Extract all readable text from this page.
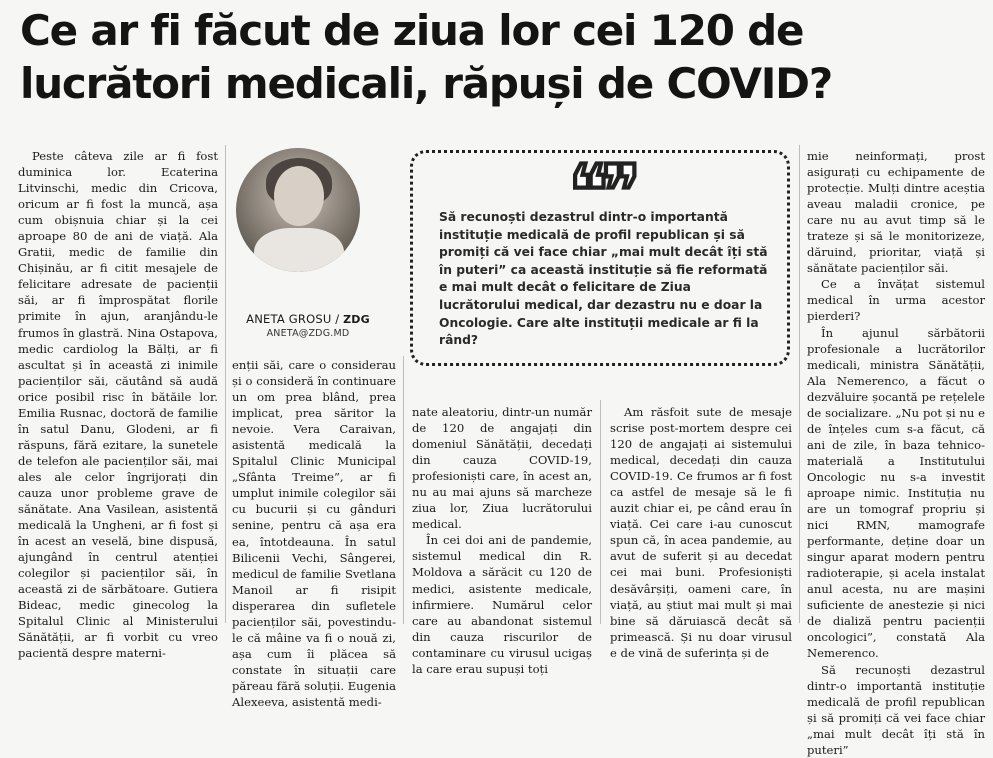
Ce ar fi făcut de ziua lor cei 120 de lucrători medicali, răpuși de COVID?

Peste câteva zile ar fi fost duminica lor. Ecaterina Litvinschi, medic din Cricova, oricum ar fi fost la muncă, așa cum obișnuia chiar și la cei aproape 80 de ani de viață. Ala Gratii, medic de familie din Chișinău, ar fi citit mesajele de felicitare adresate de pacienții săi, ar fi împrospătat florile primite în ajun, aranjându-le frumos în glastră. Nina Ostapova, medic cardiolog la Bălți, ar fi ascultat și în această zi inimile pacienților săi, căutând să audă orice posibil risc în bătăile lor. Emilia Rusnac, doctoră de familie în satul Danu, Glodeni, ar fi răspuns, fără ezitare, la sunetele de telefon ale pacienților săi, mai ales ale celor îngrijorați din cauza unor probleme grave de sănătate. Ana Vasilean, asistentă medicală la Ungheni, ar fi fost și în acest an veselă, bine dispusă, ajungând în centrul atenției colegilor și pacienților săi, în această zi de sărbătoare. Gutiera Bideac, medic ginecolog la Spitalul Clinic al Ministerului Sănătății, ar fi vorbit cu vreo pacientă despre materni-

ANETA GROSU / ZDG
ANETA@ZDG.MD

enții săi, care o considerau și o consideră în continuare un om prea blând, prea implicat, prea săritor la nevoie. Vera Caraivan, asistentă medicală la Spitalul Clinic Municipal „Sfânta Treime”, ar fi umplut inimile colegilor săi cu bucurii și cu gânduri senine, pentru că așa era ea, întotdeauna. În satul Bilicenii Vechi, Sângerei, medicul de familie Svetlana Manoil ar fi risipit disperarea din sufletele pacienților săi, povestindu-le că mâine va fi o nouă zi, așa cum îi plăcea să constate în situații care păreau fără soluții. Eugenia Alexeeva, asistentă medi-

❝❞
Să recunoști dezastrul dintr-o importantă instituție medicală de profil republican și să promiți că vei face chiar „mai mult decât îți stă în puteri” ca această instituție să fie reformată e mai mult decât o felicitare de Ziua lucrătorului medical, dar dezastru nu e doar la Oncologie. Care alte instituții medicale ar fi la rând?

nate aleatoriu, dintr-un număr de 120 de angajați din domeniul Sănătății, decedați din cauza COVID-19, profesioniști care, în acest an, nu au mai ajuns să marcheze ziua lor, Ziua lucrătorului medical.

În cei doi ani de pandemie, sistemul medical din R. Moldova a sărăcit cu 120 de medici, asistente medicale, infirmiere. Numărul celor care au abandonat sistemul din cauza riscurilor de contaminare cu virusul ucigaș la care erau supuși toți

Am răsfoit sute de mesaje scrise post-mortem despre cei 120 de angajați ai sistemului medical, decedați din cauza COVID-19. Ce frumos ar fi fost ca astfel de mesaje să le fi auzit chiar ei, pe când erau în viață. Cei care i-au cunoscut spun că, în acea pandemie, au avut de suferit și au decedat cei mai buni. Profesioniști desăvârșiți, oameni care, în viață, au știut mai mult și mai bine să dăruiască decât să primească. Și nu doar virusul e de vină de suferința și de

mie neinformați, prost asigurați cu echipamente de protecție. Mulți dintre aceștia aveau maladii cronice, pe care nu au avut timp să le trateze și să le monitorizeze, dăruind, prioritar, viață și sănătate pacienților săi.

Ce a învățat sistemul medical în urma acestor pierderi?

În ajunul sărbătorii profesionale a lucrătorilor medicali, ministra Sănătății, Ala Nemerenco, a făcut o dezvăluire șocantă pe rețelele de socializare. „Nu pot și nu e de înțeles cum s-a făcut, că ani de zile, în baza tehnico-materială a Institutului Oncologic nu s-a investit aproape nimic. Instituția nu are un tomograf propriu și nici RMN, mamografe performante, deține doar un singur aparat modern pentru radioterapie, și acela instalat anul acesta, nu are mașini suficiente de anestezie și nici de dializă pentru pacienții oncologici”, constată Ala Nemerenco.

Să recunoști dezastrul dintr-o importantă instituție medicală de profil republican și să promiți că vei face chiar „mai mult decât îți stă în puteri”
